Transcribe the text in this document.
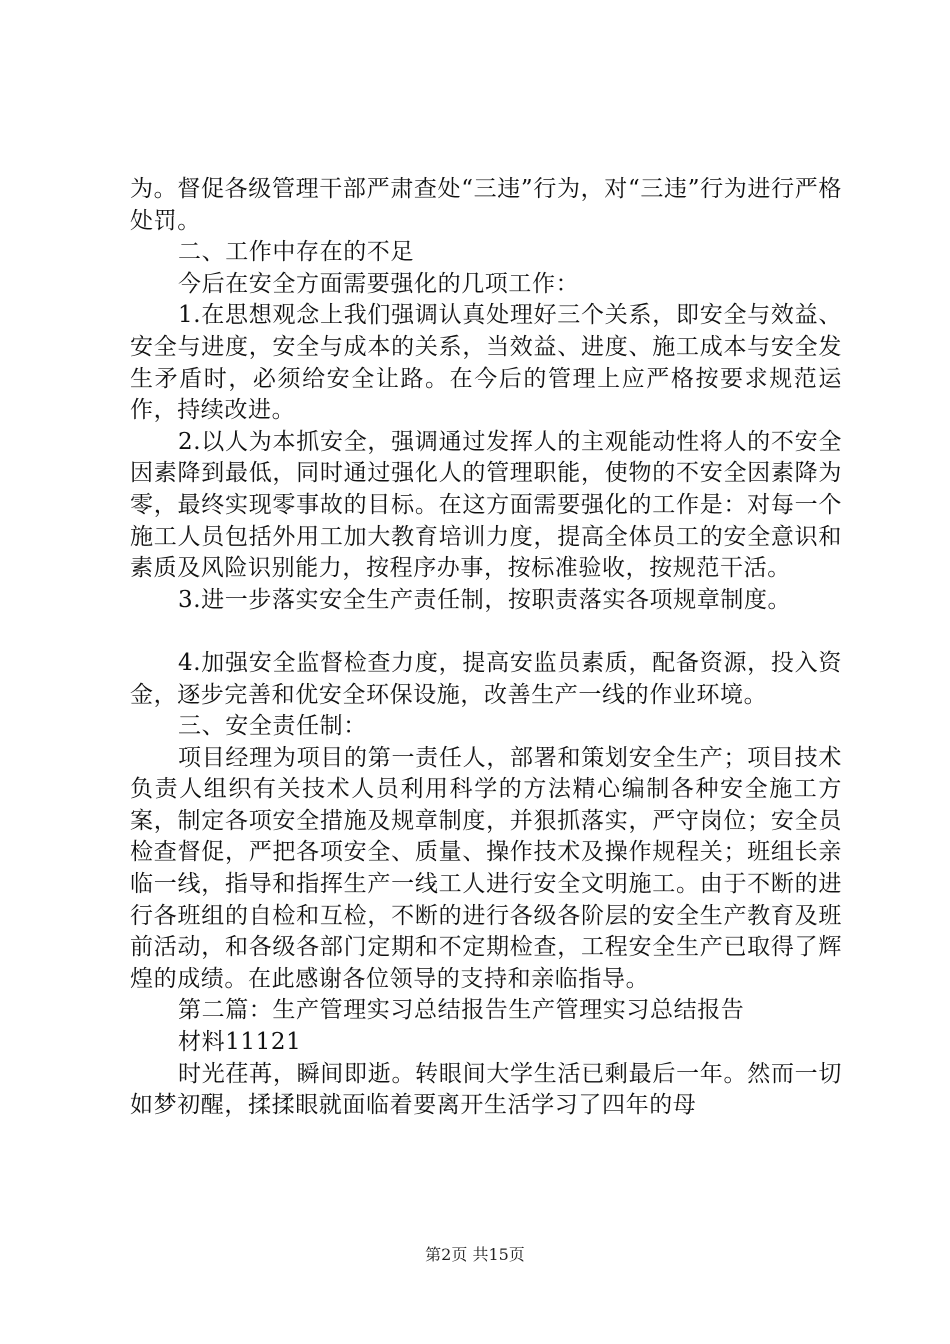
为。督促各级管理干部严肃查处“三违”行为，对“三违”行为进行严格处罚。

二、工作中存在的不足

今后在安全方面需要强化的几项工作：

1.在思想观念上我们强调认真处理好三个关系，即安全与效益、安全与进度，安全与成本的关系，当效益、进度、施工成本与安全发生矛盾时，必须给安全让路。在今后的管理上应严格按要求规范运作，持续改进。

2.以人为本抓安全，强调通过发挥人的主观能动性将人的不安全因素降到最低，同时通过强化人的管理职能，使物的不安全因素降为零，最终实现零事故的目标。在这方面需要强化的工作是：对每一个施工人员包括外用工加大教育培训力度，提高全体员工的安全意识和素质及风险识别能力，按程序办事，按标准验收，按规范干活。

3.进一步落实安全生产责任制，按职责落实各项规章制度。

4.加强安全监督检查力度，提高安监员素质，配备资源，投入资金，逐步完善和优安全环保设施，改善生产一线的作业环境。

三、安全责任制：

项目经理为项目的第一责任人，部署和策划安全生产；项目技术负责人组织有关技术人员利用科学的方法精心编制各种安全施工方案，制定各项安全措施及规章制度，并狠抓落实，严守岗位；安全员检查督促，严把各项安全、质量、操作技术及操作规程关；班组长亲临一线，指导和指挥生产一线工人进行安全文明施工。由于不断的进行各班组的自检和互检，不断的进行各级各阶层的安全生产教育及班前活动，和各级各部门定期和不定期检查，工程安全生产已取得了辉煌的成绩。在此感谢各位领导的支持和亲临指导。

第二篇：生产管理实习总结报告生产管理实习总结报告

材料11121

时光荏苒，瞬间即逝。转眼间大学生活已剩最后一年。然而一切如梦初醒，揉揉眼就面临着要离开生活学习了四年的母

第2页 共15页
